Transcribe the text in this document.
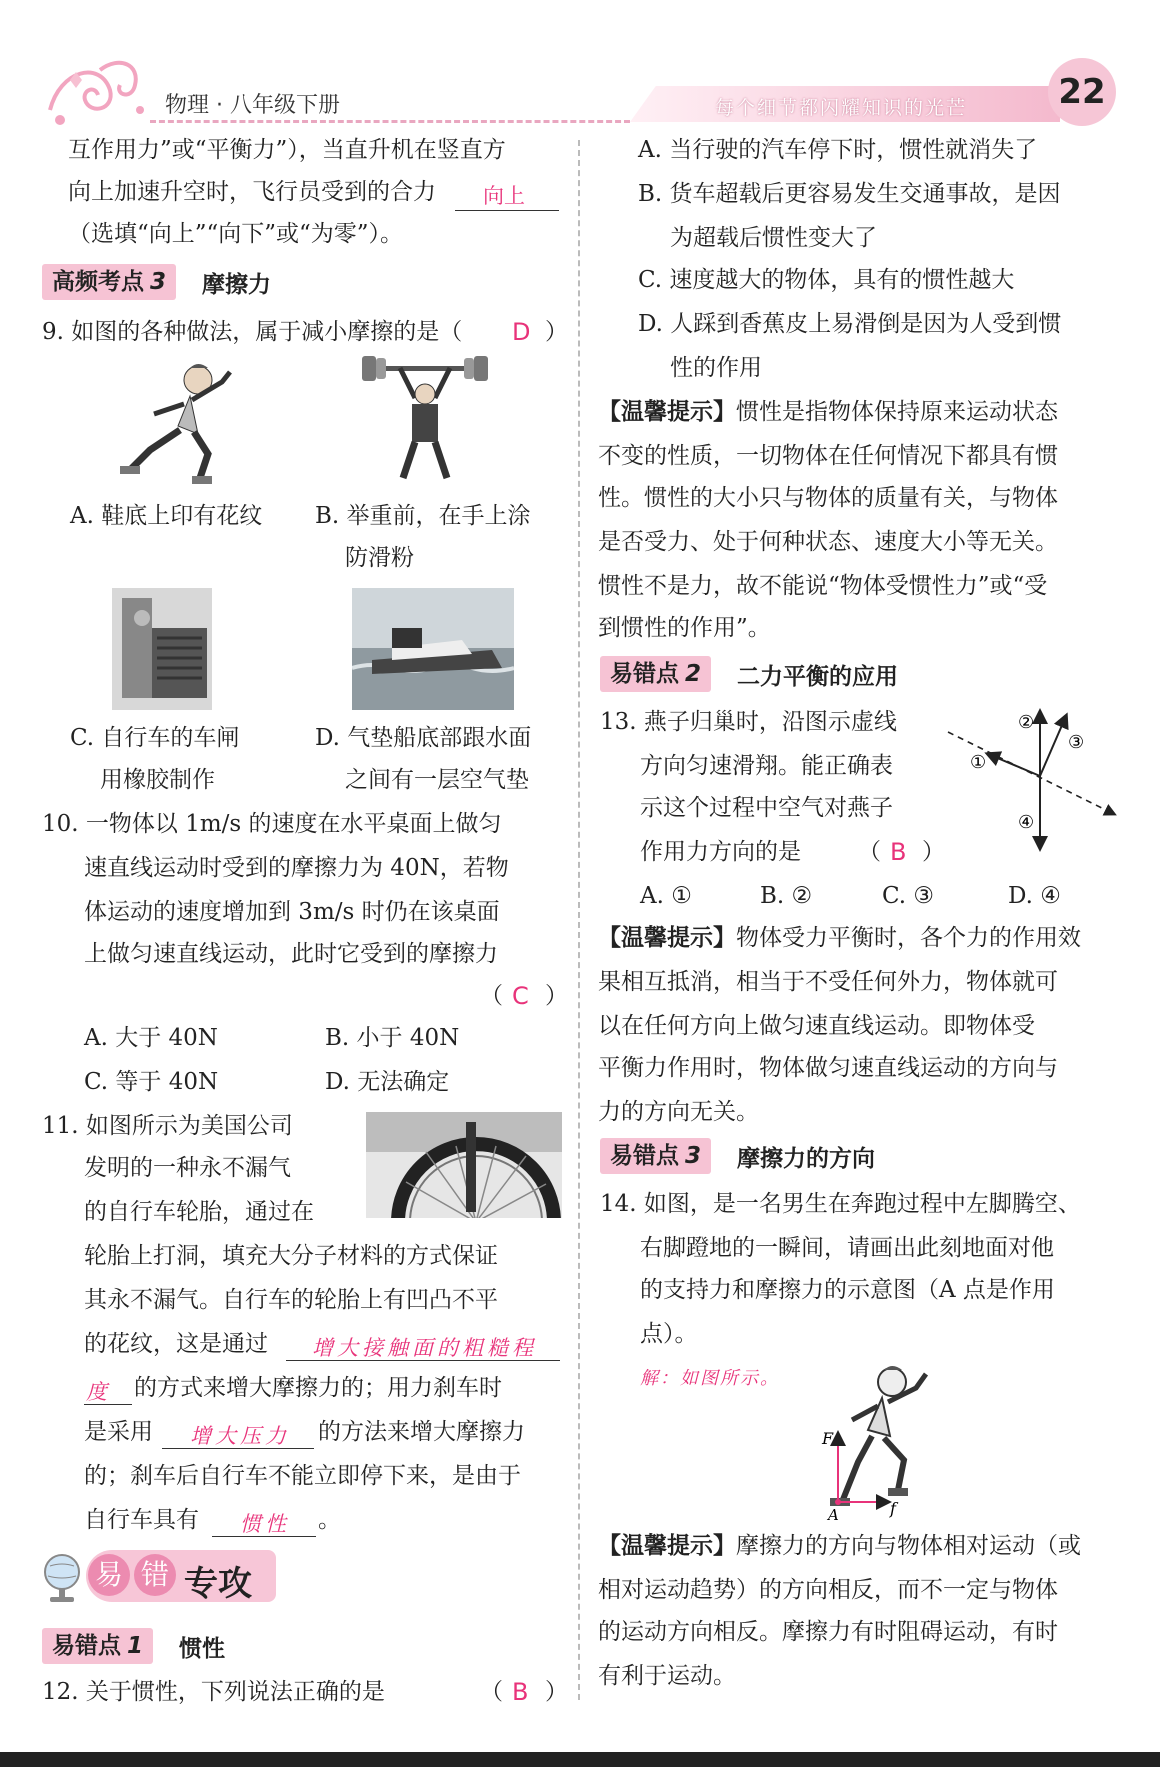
物理 · 八年级下册	每个细节都闪耀知识的光芒	22
互作用力”或“平衡力”），当直升机在竖直方
向上加速升空时，飞行员受到的合力 向上
（选填“向上”“向下”或“为零”）。
高频考点 3	摩擦力
9. 如图的各种做法，属于减小摩擦的是（ D ）
A. 鞋底上印有花纹 B. 举重前，在手上涂
防滑粉
C. 自行车的车闸
用橡胶制作
D. 气垫船底部跟水面
之间有一层空气垫
10. 一物体以 1m/s 的速度在水平桌面上做匀
速直线运动时受到的摩擦力为 40N，若物
体运动的速度增加到 3m/s 时仍在该桌面
上做匀速直线运动，此时它受到的摩擦力
（ C ）
A. 大于 40N	B. 小于 40N
C. 等于 40N	D. 无法确定
11. 如图所示为美国公司
发明的一种永不漏气
的自行车轮胎，通过在
轮胎上打洞，填充大分子材料的方式保证
其永不漏气。自行车的轮胎上有凹凸不平
的花纹，这是通过 增大接触面的粗糙程
度 的方式来增大摩擦力的；用力刹车时
是采用 增大压力 的方法来增大摩擦力
的；刹车后自行车不能立即停下来，是由于
自行车具有 惯性 。
易 错 专攻
易错点 1	惯性
12. 关于惯性，下列说法正确的是	（ B ）
A. 当行驶的汽车停下时，惯性就消失了
B. 货车超载后更容易发生交通事故，是因
为超载后惯性变大了
C. 速度越大的物体，具有的惯性越大
D. 人踩到香蕉皮上易滑倒是因为人受到惯
性的作用
【温馨提示】惯性是指物体保持原来运动状态
不变的性质，一切物体在任何情况下都具有惯
性。惯性的大小只与物体的质量有关，与物体
是否受力、处于何种状态、速度大小等无关。
惯性不是力，故不能说“物体受惯性力”或“受
到惯性的作用”。
易错点 2	二力平衡的应用
13. 燕子归巢时，沿图示虚线
方向匀速滑翔。能正确表
示这个过程中空气对燕子
作用力方向的是 （ B ）
①
②
③
④
A. ①	B. ②	C. ③	D. ④
【温馨提示】物体受力平衡时，各个力的作用效
果相互抵消，相当于不受任何外力，物体就可
以在任何方向上做匀速直线运动。即物体受
平衡力作用时，物体做匀速直线运动的方向与
力的方向无关。
易错点 3	摩擦力的方向
14. 如图，是一名男生在奔跑过程中左脚腾空、
右脚蹬地的一瞬间，请画出此刻地面对他
的支持力和摩擦力的示意图（A 点是作用
点）。
解：如图所示。
F
f
A
【温馨提示】摩擦力的方向与物体相对运动（或
相对运动趋势）的方向相反，而不一定与物体
的运动方向相反。摩擦力有时阻碍运动，有时
有利于运动。
